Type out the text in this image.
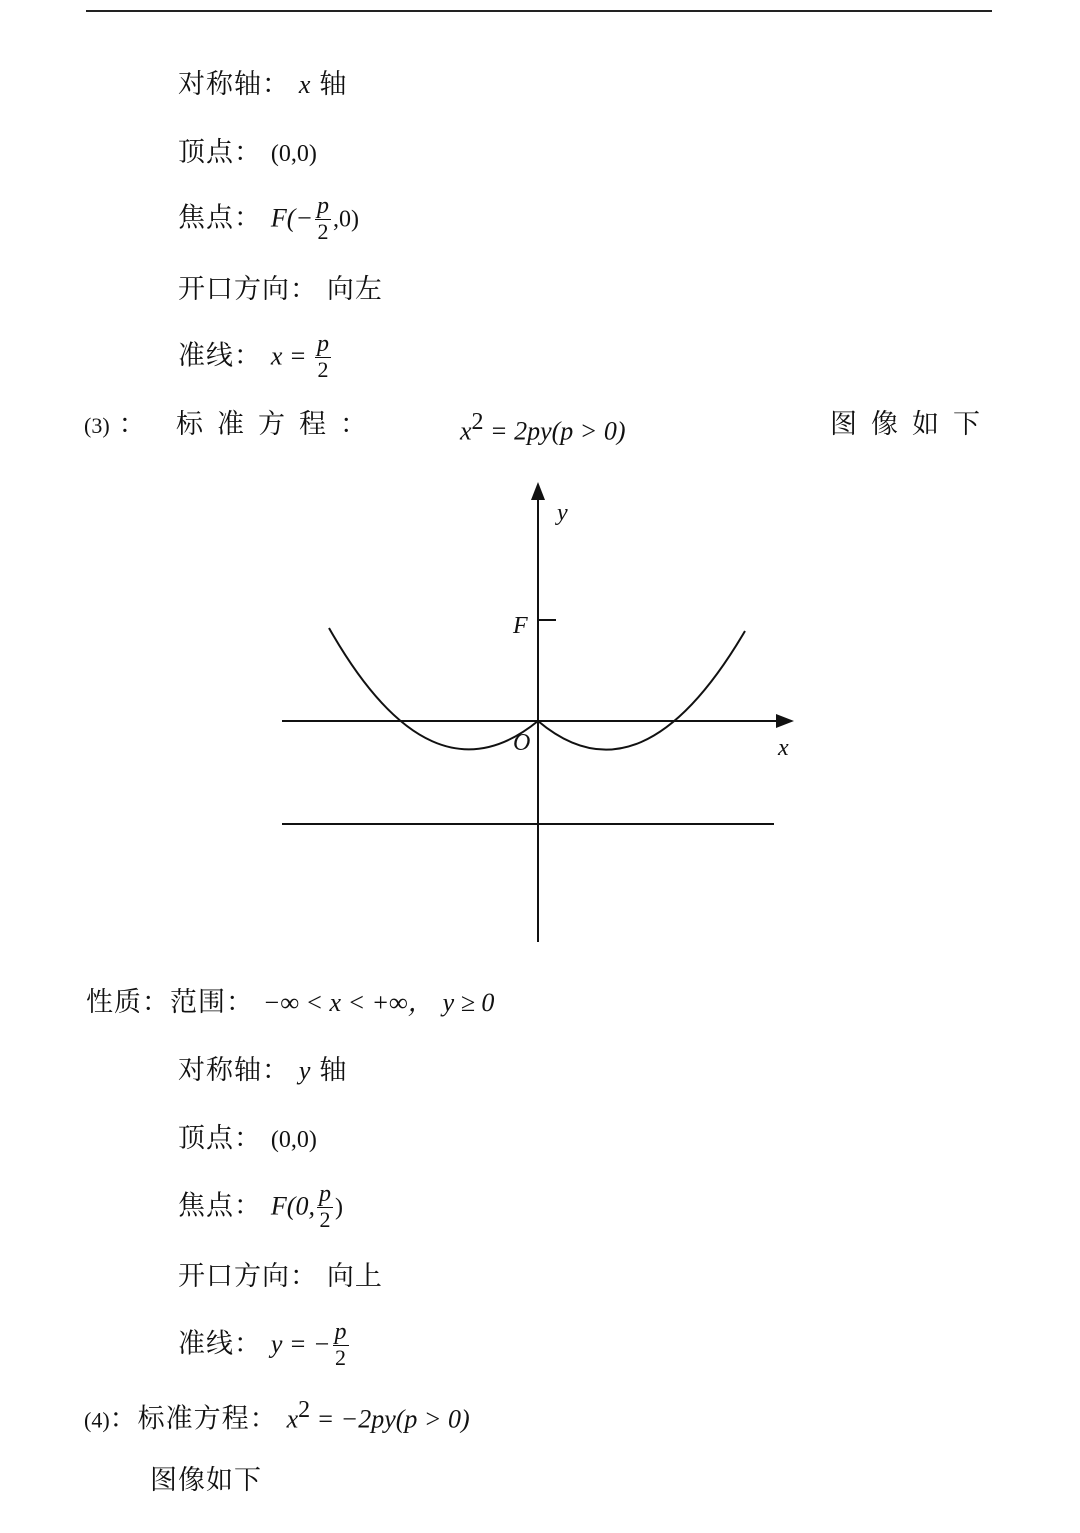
对称轴： x 轴
顶点： (0,0)
焦点： $F(- \frac{p}{2} ,0)$
开口方向： 向左
准线： $x = \frac{p}{2}$
(3) ： 标准方程：	$x^2 = 2py(p > 0)$	图像如下
y
F
O	x
性质：范围： −∞ < x < +∞， y ≥ 0
对称轴： y 轴
顶点： (0,0)
焦点： F(0, $\frac{p}{2}$ )
开口方向： 向上
准线： y = − $\frac{p}{2}$
(4)：标准方程： $x^2 = -2py(p > 0)$
图像如下
